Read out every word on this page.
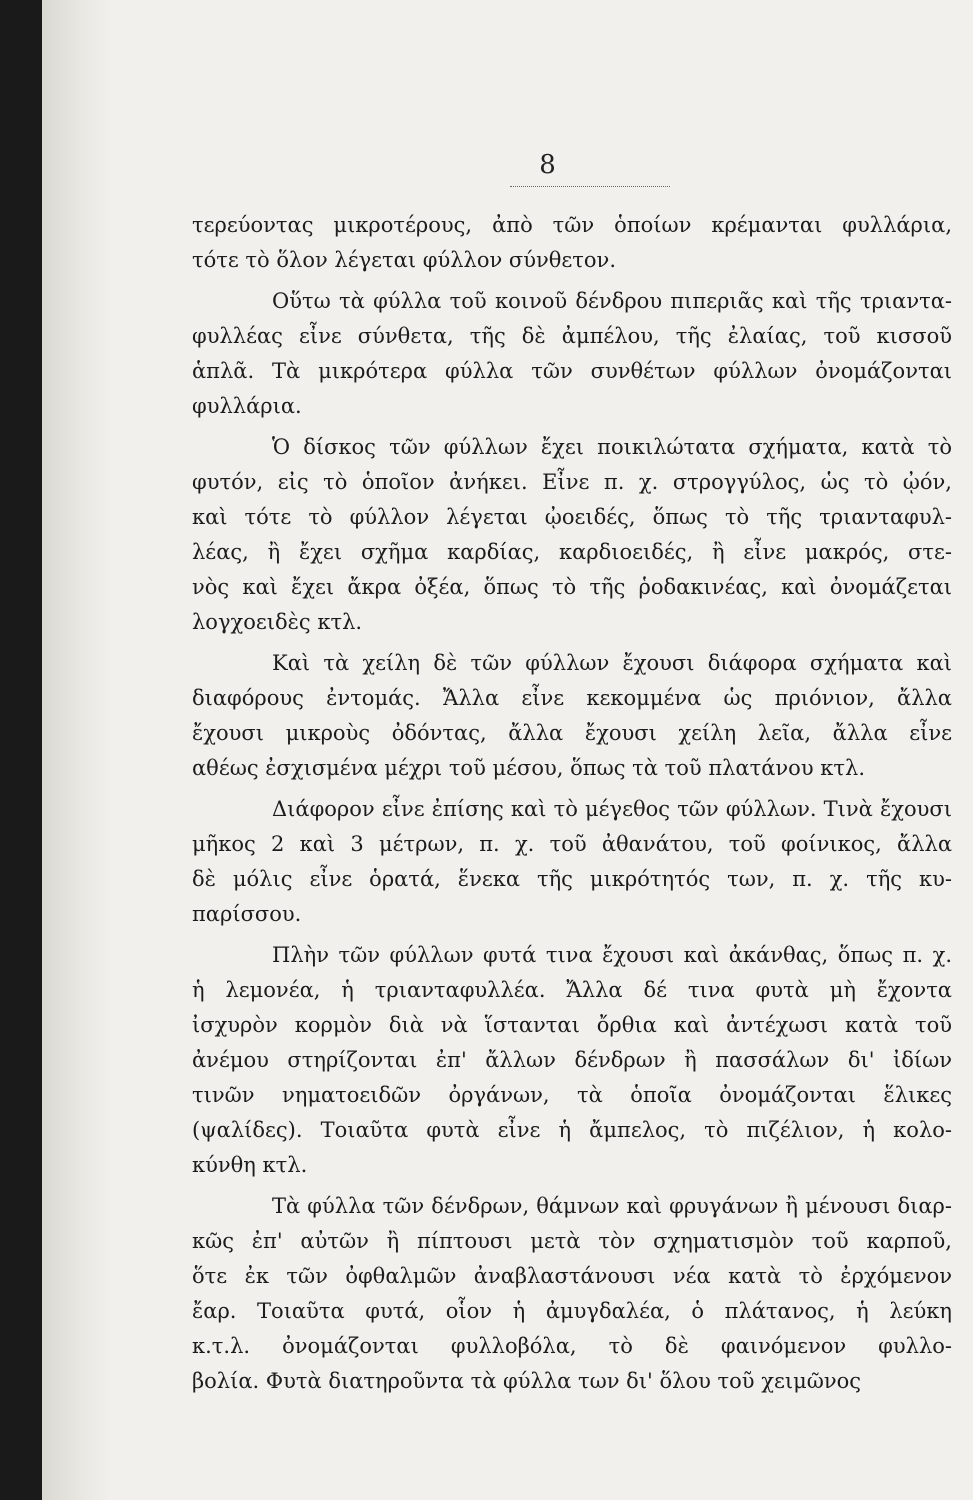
8
τερεύοντας μικροτέρους, ἀπὸ τῶν ὁποίων κρέμανται φυλλάρια,
τότε τὸ ὅλον λέγεται φύλλον σύνθετον.
Οὕτω τὰ φύλλα τοῦ κοινοῦ δένδρου πιπεριᾶς καὶ τῆς τριαντα-
φυλλέας εἶνε σύνθετα, τῆς δὲ ἀμπέλου, τῆς ἐλαίας, τοῦ κισσοῦ
ἁπλᾶ. Τὰ μικρότερα φύλλα τῶν συνθέτων φύλλων ὀνομάζονται
φυλλάρια.
Ὁ δίσκος τῶν φύλλων ἔχει ποικιλώτατα σχήματα, κατὰ τὸ
φυτόν, εἰς τὸ ὁποῖον ἀνήκει. Εἶνε π. χ. στρογγύλος, ὡς τὸ ᾠόν,
καὶ τότε τὸ φύλλον λέγεται ᾠοειδές, ὅπως τὸ τῆς τριανταφυλ-
λέας, ἢ ἔχει σχῆμα καρδίας, καρδιοειδές, ἢ εἶνε μακρός, στε-
νὸς καὶ ἔχει ἄκρα ὀξέα, ὅπως τὸ τῆς ῥοδακινέας, καὶ ὀνομάζεται
λογχοειδὲς κτλ.
Καὶ τὰ χείλη δὲ τῶν φύλλων ἔχουσι διάφορα σχήματα καὶ
διαφόρους ἐντομάς. Ἄλλα εἶνε κεκομμένα ὡς πριόνιον, ἄλλα
ἔχουσι μικροὺς ὀδόντας, ἄλλα ἔχουσι χείλη λεῖα, ἄλλα εἶνε
αθέως ἐσχισμένα μέχρι τοῦ μέσου, ὅπως τὰ τοῦ πλατάνου κτλ.
Διάφορον εἶνε ἐπίσης καὶ τὸ μέγεθος τῶν φύλλων. Τινὰ ἔχουσι
μῆκος 2 καὶ 3 μέτρων, π. χ. τοῦ ἀθανάτου, τοῦ φοίνικος, ἄλλα
δὲ μόλις εἶνε ὁρατά, ἕνεκα τῆς μικρότητός των, π. χ. τῆς κυ-
παρίσσου.
Πλὴν τῶν φύλλων φυτά τινα ἔχουσι καὶ ἀκάνθας, ὅπως π. χ.
ἡ λεμονέα, ἡ τριανταφυλλέα. Ἄλλα δέ τινα φυτὰ μὴ ἔχοντα
ἰσχυρὸν κορμὸν διὰ νὰ ἵστανται ὄρθια καὶ ἀντέχωσι κατὰ τοῦ
ἀνέμου στηρίζονται ἐπ' ἄλλων δένδρων ἢ πασσάλων δι' ἰδίων
τινῶν νηματοειδῶν ὀργάνων, τὰ ὁποῖα ὀνομάζονται ἕλικες
(ψαλίδες). Τοιαῦτα φυτὰ εἶνε ἡ ἄμπελος, τὸ πιζέλιον, ἡ κολο-
κύνθη κτλ.
Τὰ φύλλα τῶν δένδρων, θάμνων καὶ φρυγάνων ἢ μένουσι διαρ-
κῶς ἐπ' αὐτῶν ἢ πίπτουσι μετὰ τὸν σχηματισμὸν τοῦ καρποῦ,
ὅτε ἐκ τῶν ὀφθαλμῶν ἀναβλαστάνουσι νέα κατὰ τὸ ἐρχόμενον
ἔαρ. Τοιαῦτα φυτά, οἷον ἡ ἀμυγδαλέα, ὁ πλάτανος, ἡ λεύκη
κ.τ.λ. ὀνομάζονται φυλλοβόλα, τὸ δὲ φαινόμενον φυλλο-
βολία. Φυτὰ διατηροῦντα τὰ φύλλα των δι' ὅλου τοῦ χειμῶνος
